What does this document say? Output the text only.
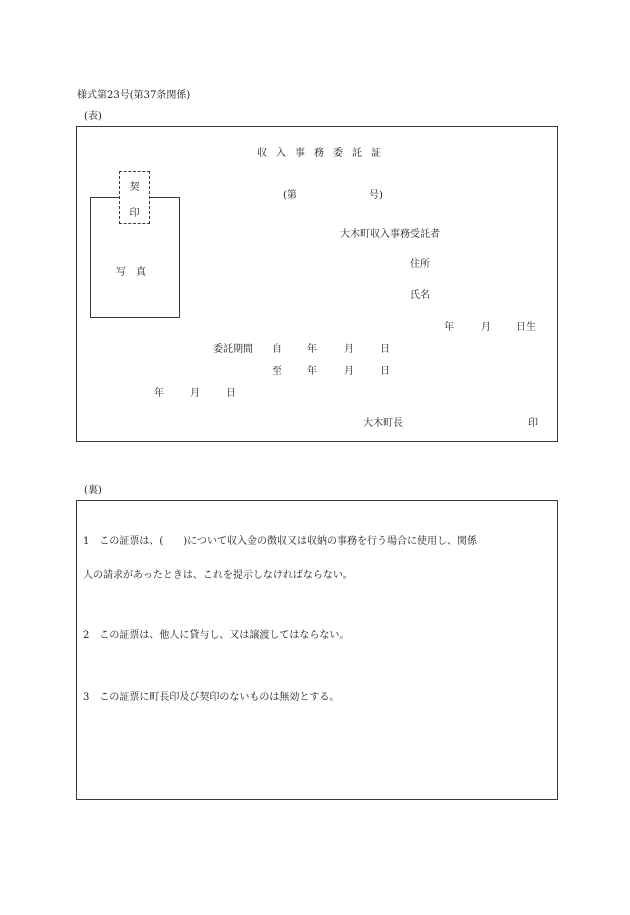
様式第23号(第37条関係)
(表)
収入事務委託証
写真
契
印
(第	号)
大木町収入事務受託者
住所
氏名
年	月	日生
委託期間 自	年	月	日
至	年	月	日
年	月	日
大木町長	印
(裏)
1　この証票は、(　　)について収入金の徴収又は収納の事務を行う場合に使用し、関係
人の請求があったときは、これを提示しなければならない。
2　この証票は、他人に貸与し、又は譲渡してはならない。
3　この証票に町長印及び契印のないものは無効とする。
